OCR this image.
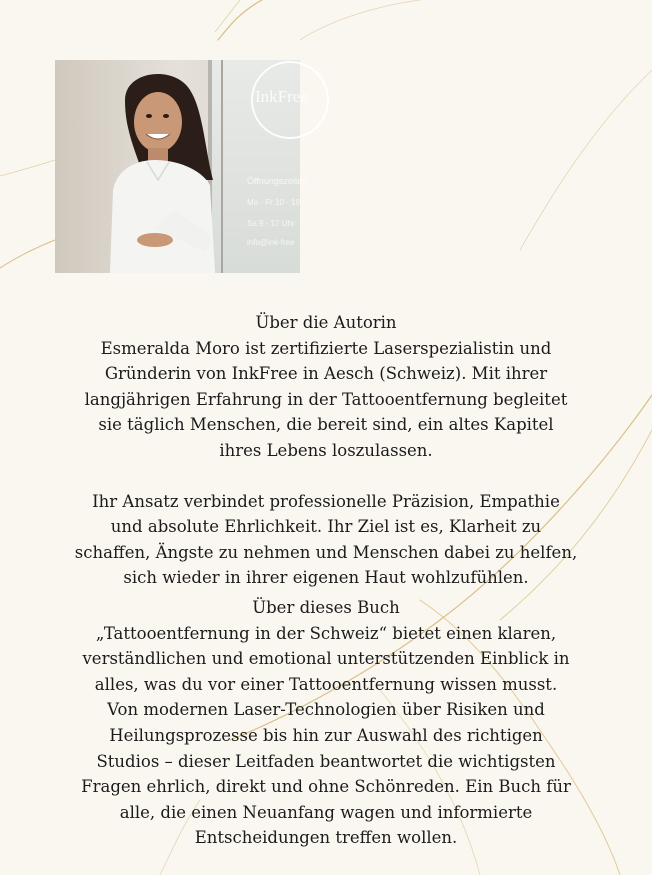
InkFree
Öffnungszeiten
Mo - Fr 10 - 19
Sa 9 - 17 Uhr
info@ink-free

Über die Autorin

Esmeralda Moro ist zertifizierte Laserspezialistin und

Gründerin von InkFree in Aesch (Schweiz). Mit ihrer

langjährigen Erfahrung in der Tattooentfernung begleitet

sie täglich Menschen, die bereit sind, ein altes Kapitel

ihres Lebens loszulassen.

Ihr Ansatz verbindet professionelle Präzision, Empathie

und absolute Ehrlichkeit. Ihr Ziel ist es, Klarheit zu

schaffen, Ängste zu nehmen und Menschen dabei zu helfen,

sich wieder in ihrer eigenen Haut wohlzufühlen.

Über dieses Buch

„Tattooentfernung in der Schweiz“ bietet einen klaren,

verständlichen und emotional unterstützenden Einblick in

alles, was du vor einer Tattooentfernung wissen musst.

Von modernen Laser-Technologien über Risiken und

Heilungsprozesse bis hin zur Auswahl des richtigen

Studios – dieser Leitfaden beantwortet die wichtigsten

Fragen ehrlich, direkt und ohne Schönreden. Ein Buch für

alle, die einen Neuanfang wagen und informierte

Entscheidungen treffen wollen.
